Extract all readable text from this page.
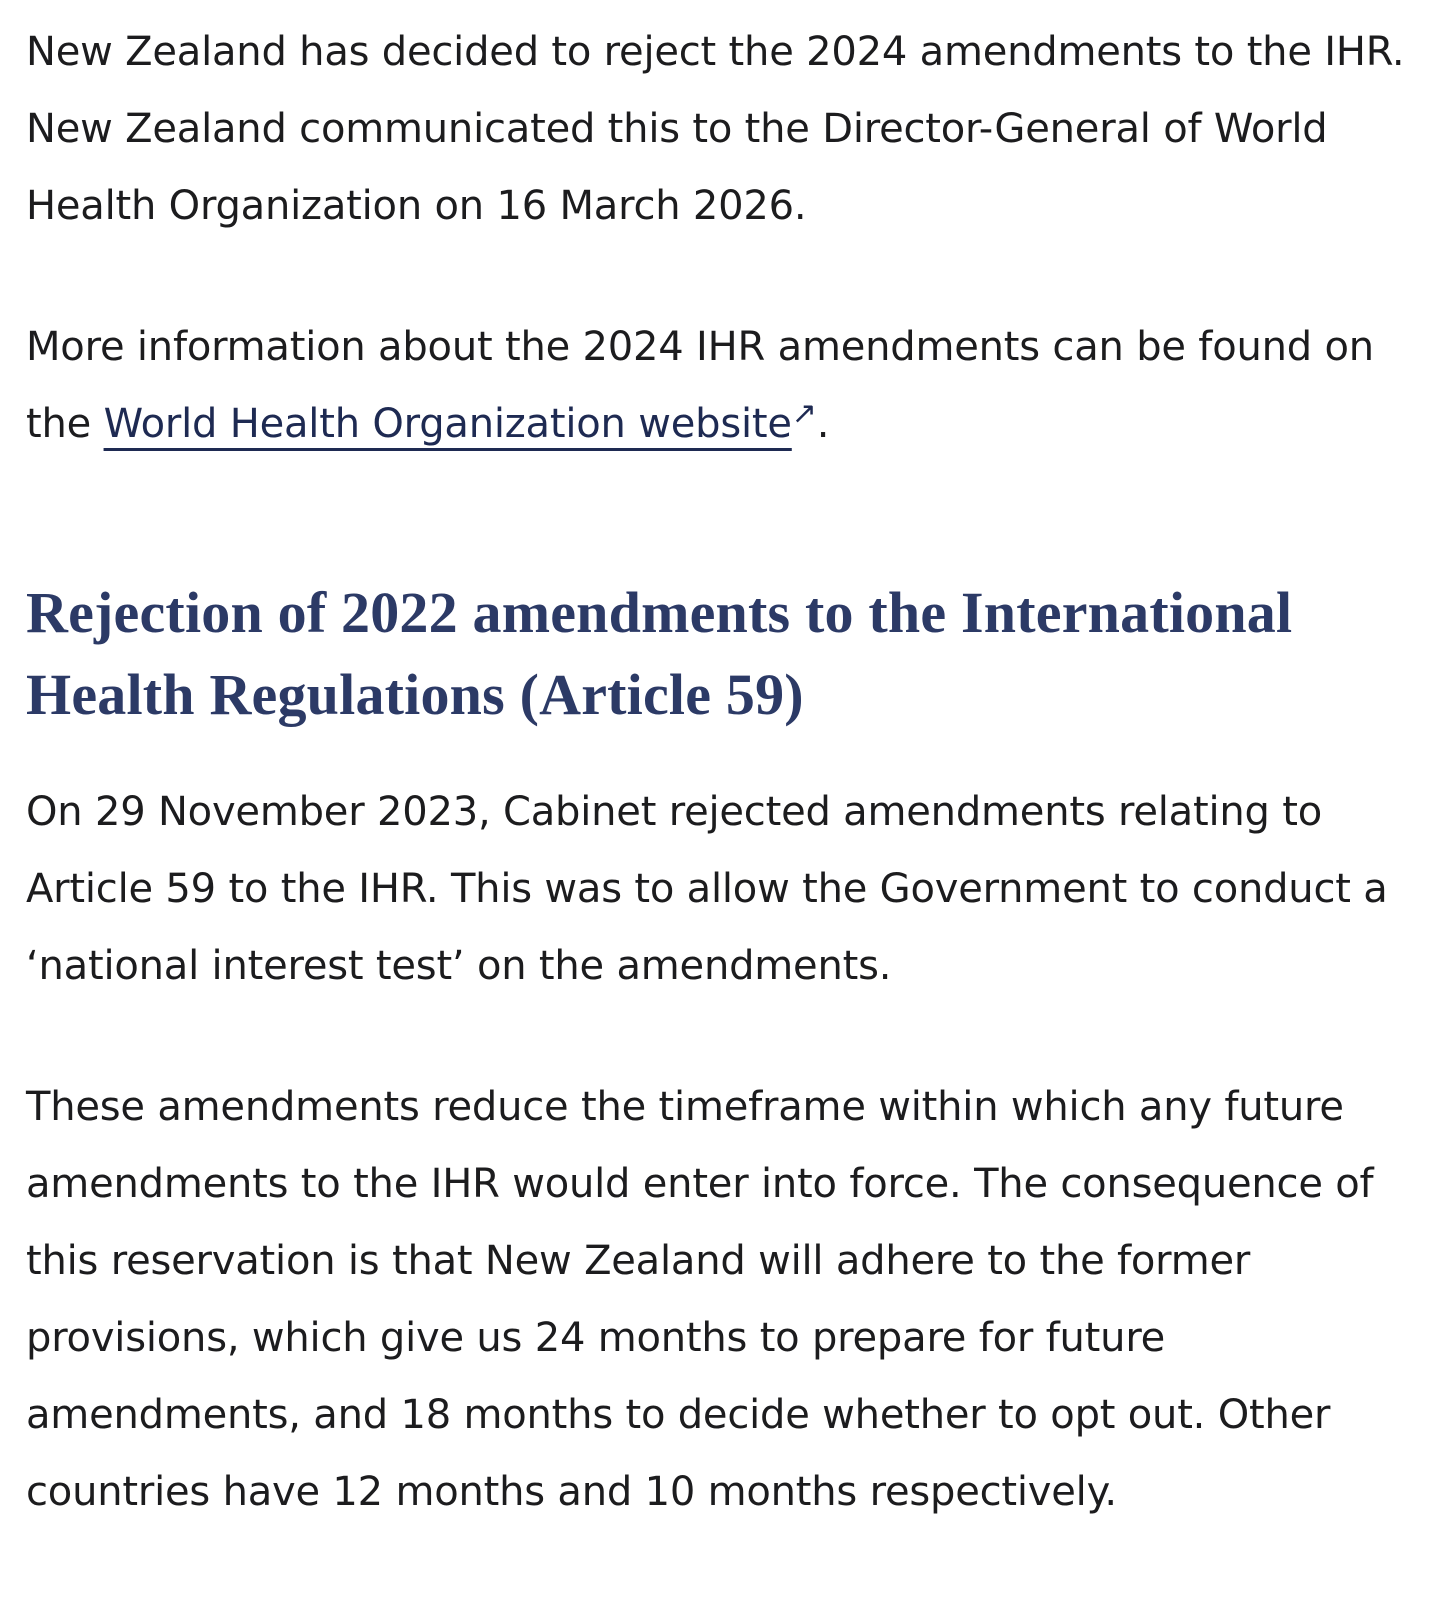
New Zealand has decided to reject the 2024 amendments to the IHR. New Zealand communicated this to the Director-General of World Health Organization on 16 March 2026.

More information about the 2024 IHR amendments can be found on the World Health Organization website↗.

Rejection of 2022 amendments to the International Health Regulations (Article 59)

On 29 November 2023, Cabinet rejected amendments relating to Article 59 to the IHR. This was to allow the Government to conduct a ‘national interest test’ on the amendments.

These amendments reduce the timeframe within which any future amendments to the IHR would enter into force. The consequence of this reservation is that New Zealand will adhere to the former provisions, which give us 24 months to prepare for future amendments, and 18 months to decide whether to opt out. Other countries have 12 months and 10 months respectively.
